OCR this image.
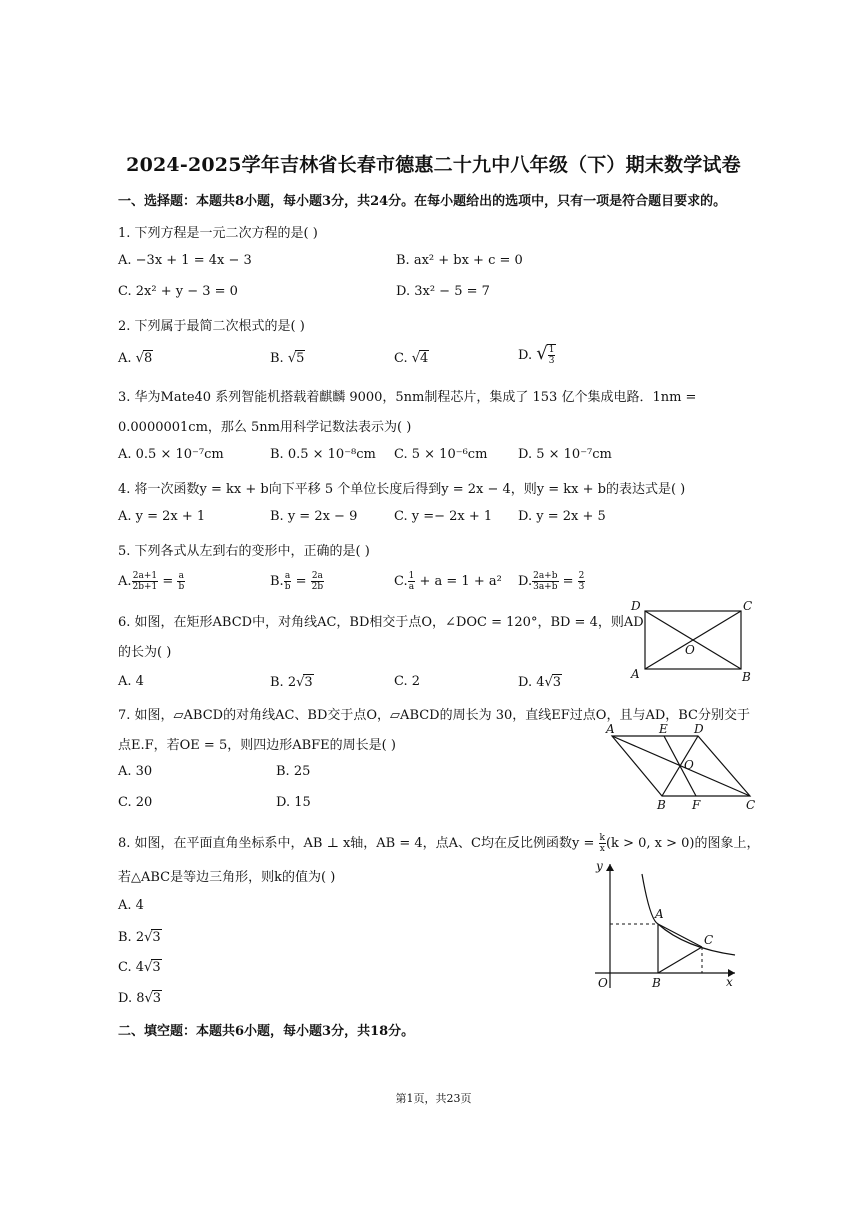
2024-2025学年吉林省长春市德惠二十九中八年级（下）期末数学试卷
一、选择题：本题共8小题，每小题3分，共24分。在每小题给出的选项中，只有一项是符合题目要求的。
1. 下列方程是一元二次方程的是( )
A. −3x + 1 = 4x − 3	B. ax² + bx + c = 0
C. 2x² + y − 3 = 0	D. 3x² − 5 = 7
2. 下列属于最简二次根式的是( )
A. √8	B. √5	C. √4	D. √ $\frac{1}{3}$
3. 华为Mate40 系列智能机搭载着麒麟 9000，5nm制程芯片，集成了 153 亿个集成电路．1nm =
0.0000001cm，那么 5nm用科学记数法表示为( )
A. 0.5 × 10⁻⁷cm	B. 0.5 × 10⁻⁸cm C. 5 × 10⁻⁶cm D. 5 × 10⁻⁷cm
4. 将一次函数y = kx + b向下平移 5 个单位长度后得到y = 2x − 4，则y = kx + b的表达式是( )
A. y = 2x + 1	B. y = 2x − 9	C. y =− 2x + 1 D. y = 2x + 5
5. 下列各式从左到右的变形中，正确的是( )
A. $\frac{2a+1}{2b+1} = \frac{a}{b}$	B. $\frac{a}{b} = \frac{2a}{2b}$	C. $\frac{1}{a} + a = 1 + a^2$ D. $\frac{2a+b}{3a+b} = \frac{2}{3}$
6. 如图，在矩形ABCD中，对角线AC，BD相交于点O，∠DOC = 120°，BD = 4，则AD
的长为( )
A. 4	B. 2√3	C. 2	D. 4√3
D	C
A	B
O
7. 如图，▱ABCD的对角线AC、BD交于点O，▱ABCD的周长为 30，直线EF过点O，且与AD，BC分别交于
点E.F，若OE = 5，则四边形ABFE的周长是( )
A. 30	B. 25
C. 20	D. 15
A	E D
O
B F	C
8. 如图，在平面直角坐标系中，AB ⊥ x轴，AB = 4，点A、C均在反比例函数$y = \frac{k}{x} (k > 0$, x > 0)的图象上，
若△ABC是等边三角形，则k的值为( )
A. 4
B. 2√3
C. 4√3
D. 8√3
y
x
O
A
B
C
二、填空题：本题共6小题，每小题3分，共18分。
第1页，共23页
